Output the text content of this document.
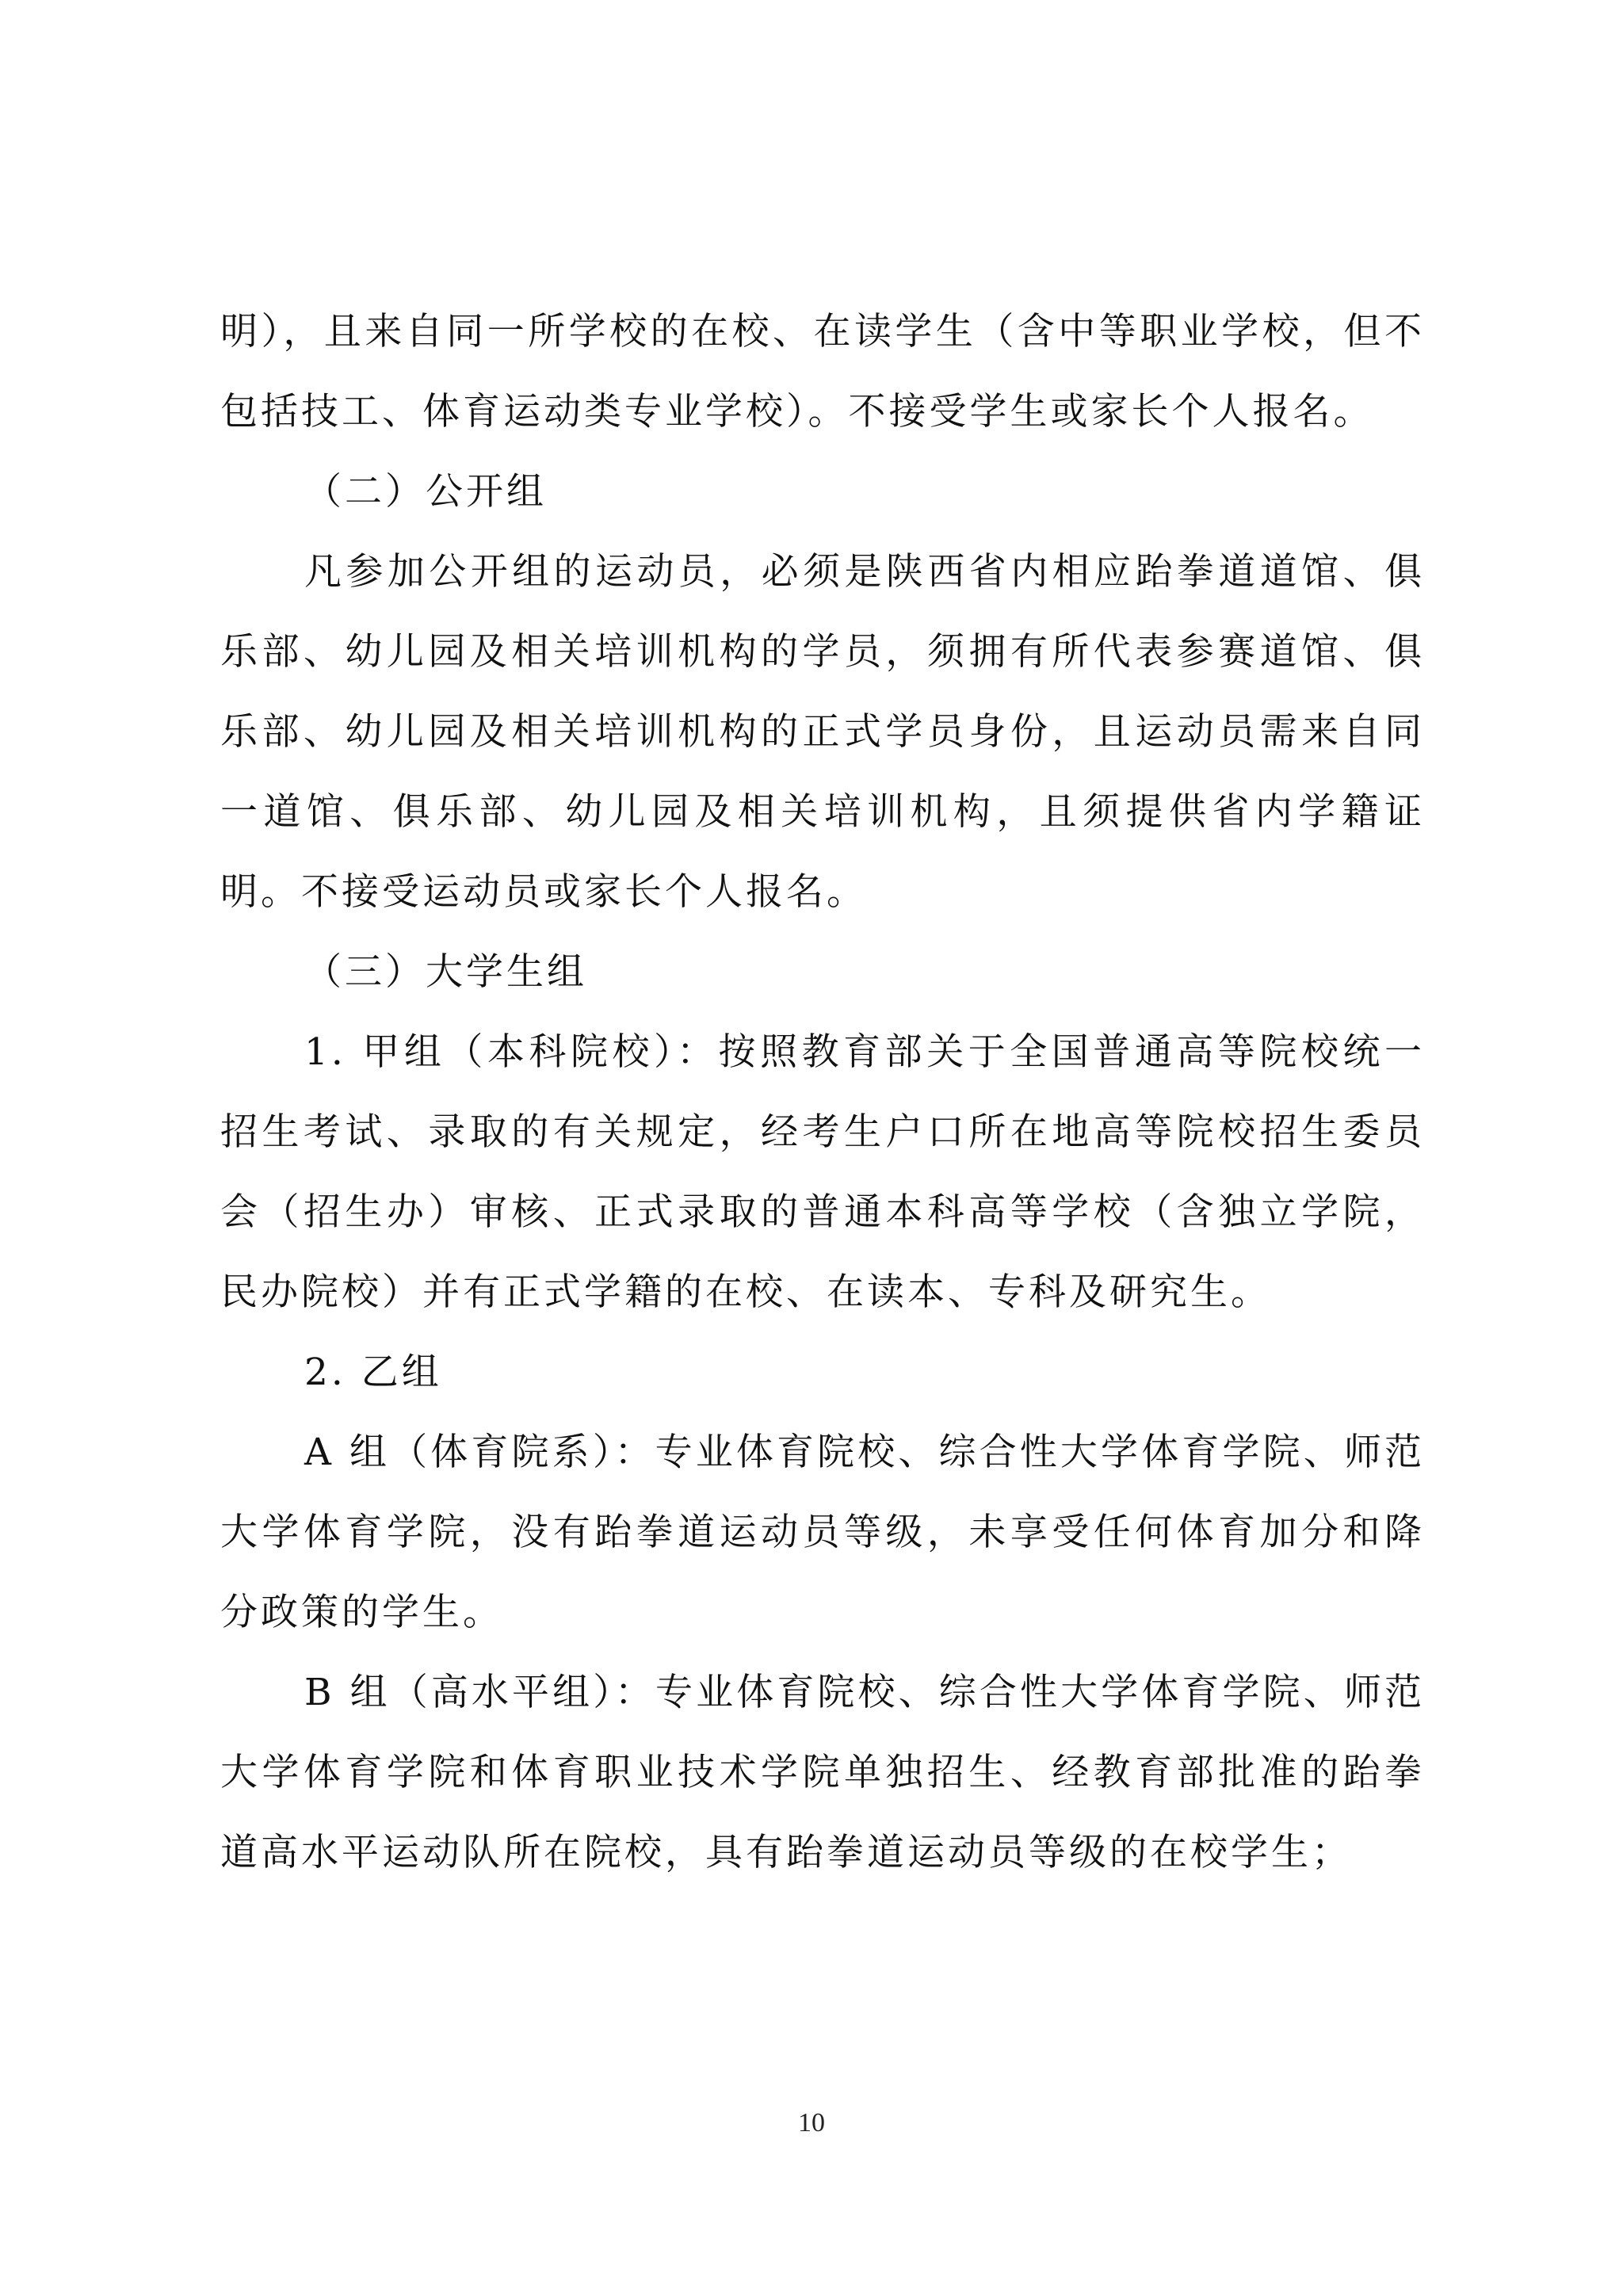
明），且来自同一所学校的在校、在读学生（含中等职业学校，但不包括技工、体育运动类专业学校）。不接受学生或家长个人报名。

（二）公开组

凡参加公开组的运动员，必须是陕西省内相应跆拳道道馆、俱乐部、幼儿园及相关培训机构的学员，须拥有所代表参赛道馆、俱乐部、幼儿园及相关培训机构的正式学员身份，且运动员需来自同一道馆、俱乐部、幼儿园及相关培训机构，且须提供省内学籍证明。不接受运动员或家长个人报名。

（三）大学生组

1. 甲组（本科院校）：按照教育部关于全国普通高等院校统一招生考试、录取的有关规定，经考生户口所在地高等院校招生委员会（招生办）审核、正式录取的普通本科高等学校（含独立学院，民办院校）并有正式学籍的在校、在读本、专科及研究生。

2. 乙组

A 组（体育院系）：专业体育院校、综合性大学体育学院、师范大学体育学院，没有跆拳道运动员等级，未享受任何体育加分和降分政策的学生。

B 组（高水平组）：专业体育院校、综合性大学体育学院、师范大学体育学院和体育职业技术学院单独招生、经教育部批准的跆拳道高水平运动队所在院校，具有跆拳道运动员等级的在校学生；

10
